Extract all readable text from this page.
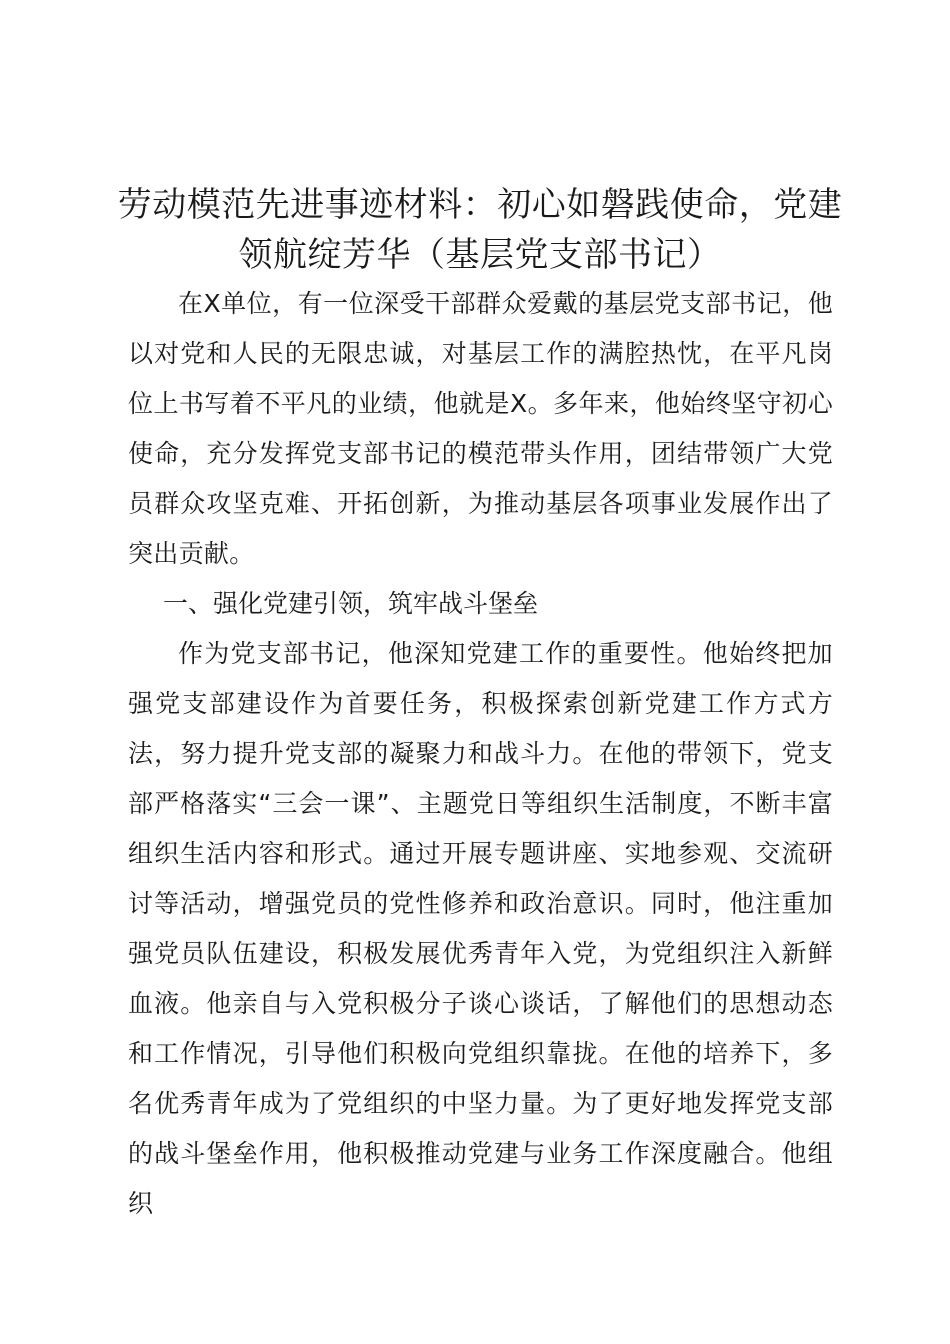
劳动模范先进事迹材料：初心如磐践使命，党建领航绽芳华（基层党支部书记）

在X单位，有一位深受干部群众爱戴的基层党支部书记，他以对党和人民的无限忠诚，对基层工作的满腔热忱，在平凡岗位上书写着不平凡的业绩，他就是X。多年来，他始终坚守初心使命，充分发挥党支部书记的模范带头作用，团结带领广大党员群众攻坚克难、开拓创新，为推动基层各项事业发展作出了突出贡献。

一、强化党建引领，筑牢战斗堡垒

作为党支部书记，他深知党建工作的重要性。他始终把加强党支部建设作为首要任务，积极探索创新党建工作方式方法，努力提升党支部的凝聚力和战斗力。在他的带领下，党支部严格落实“三会一课”、主题党日等组织生活制度，不断丰富组织生活内容和形式。通过开展专题讲座、实地参观、交流研讨等活动，增强党员的党性修养和政治意识。同时，他注重加强党员队伍建设，积极发展优秀青年入党，为党组织注入新鲜血液。他亲自与入党积极分子谈心谈话，了解他们的思想动态和工作情况，引导他们积极向党组织靠拢。在他的培养下，多名优秀青年成为了党组织的中坚力量。为了更好地发挥党支部的战斗堡垒作用，他积极推动党建与业务工作深度融合。他组织
